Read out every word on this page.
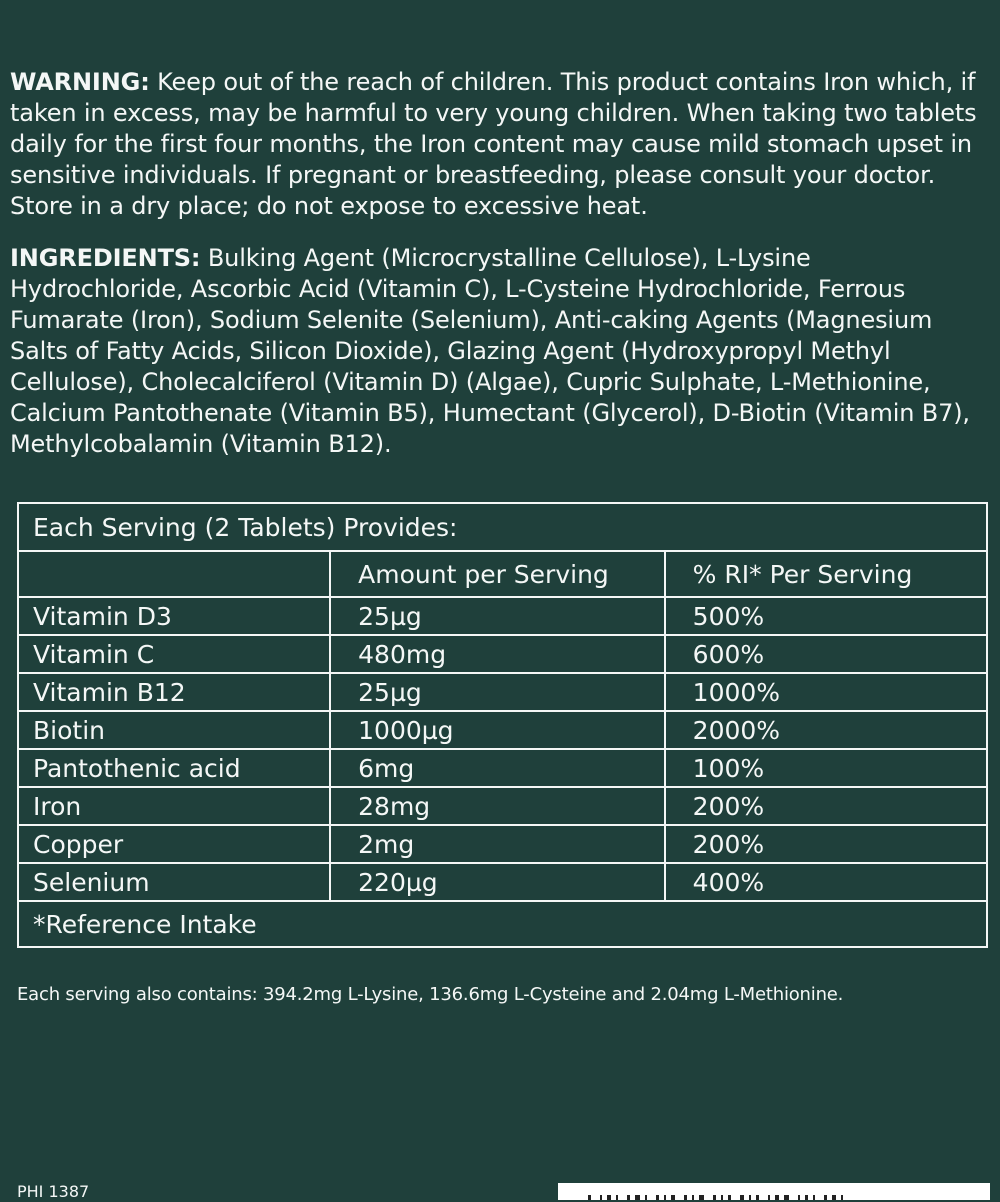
WARNING: Keep out of the reach of children. This product contains Iron which, if taken in excess, may be harmful to very young children. When taking two tablets daily for the first four months, the Iron content may cause mild stomach upset in sensitive individuals. If pregnant or breastfeeding, please consult your doctor. Store in a dry place; do not expose to excessive heat.

INGREDIENTS: Bulking Agent (Microcrystalline Cellulose), L-Lysine Hydrochloride, Ascorbic Acid (Vitamin C), L-Cysteine Hydrochloride, Ferrous Fumarate (Iron), Sodium Selenite (Selenium), Anti-caking Agents (Magnesium Salts of Fatty Acids, Silicon Dioxide), Glazing Agent (Hydroxypropyl Methyl Cellulose), Cholecalciferol (Vitamin D) (Algae), Cupric Sulphate, L-Methionine, Calcium Pantothenate (Vitamin B5), Humectant (Glycerol), D-Biotin (Vitamin B7), Methylcobalamin (Vitamin B12).

Each Serving (2 Tablets) Provides:		
	Amount per Serving	% RI* Per Serving
Vitamin D3	25µg	500%
Vitamin C	480mg	600%
Vitamin B12	25µg	1000%
Biotin	1000µg	2000%
Pantothenic acid	6mg	100%
Iron	28mg	200%
Copper	2mg	200%
Selenium	220µg	400%
*Reference Intake		
Each serving also contains: 394.2mg L-Lysine, 136.6mg L-Cysteine and 2.04mg L-Methionine.
PHI 1387
